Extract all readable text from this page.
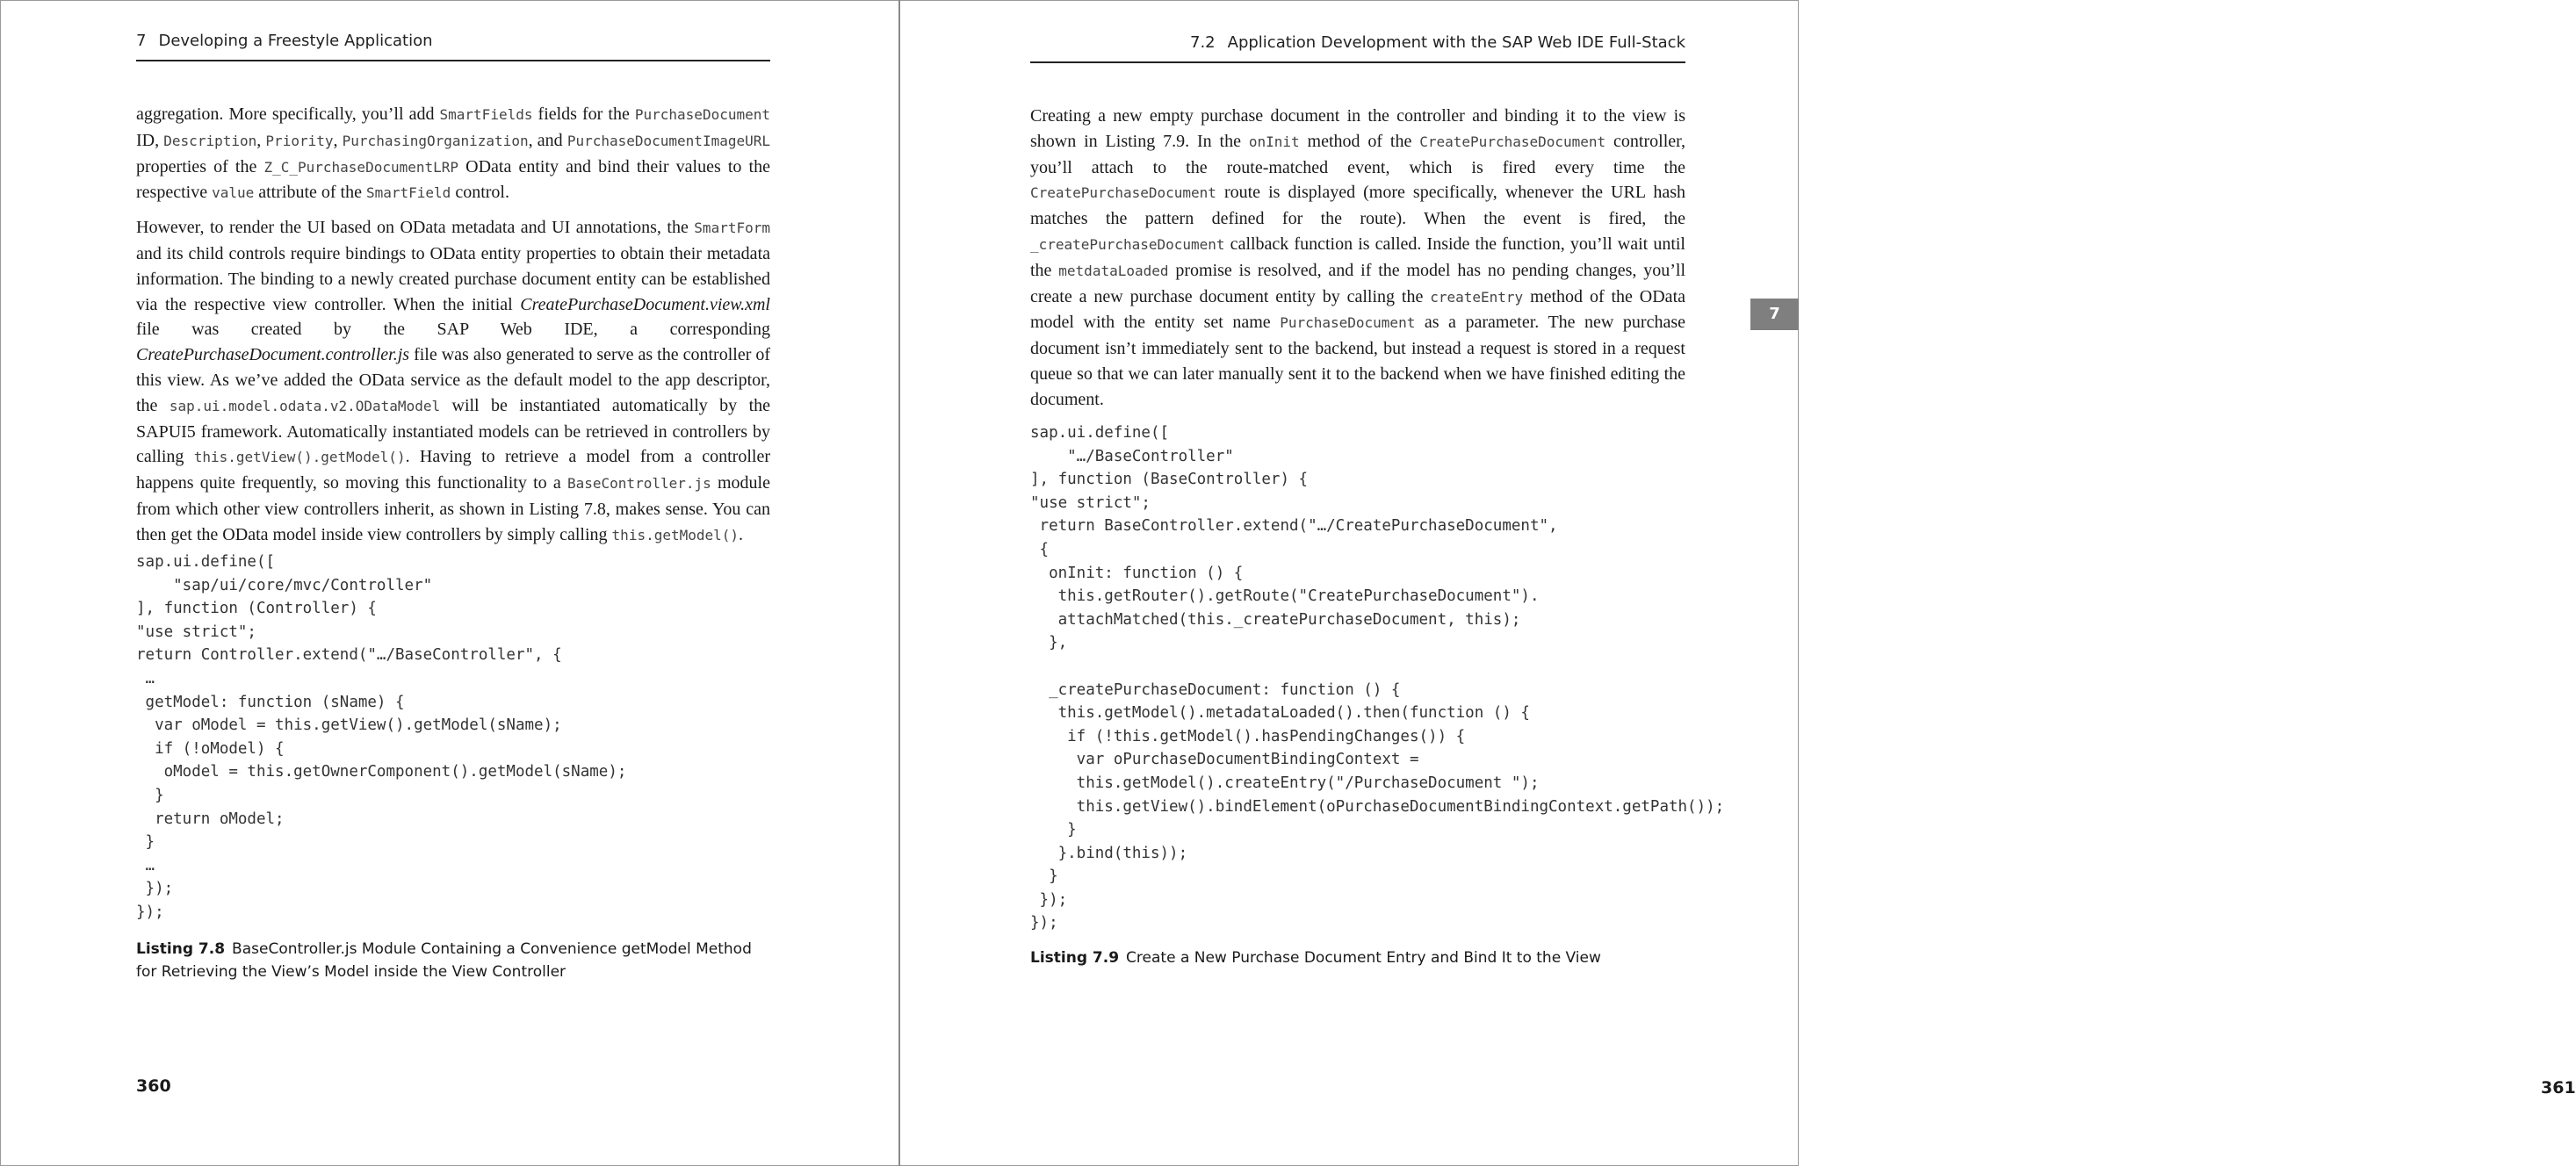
7 Developing a Freestyle Application

aggregation. More specifically, you’ll add SmartFields fields for the PurchaseDocument ID, Description, Priority, PurchasingOrganization, and PurchaseDocumentImageURL properties of the Z_C_PurchaseDocumentLRP OData entity and bind their values to the respective value attribute of the SmartField control.

However, to render the UI based on OData metadata and UI annotations, the SmartForm and its child controls require bindings to OData entity properties to obtain their metadata information. The binding to a newly created purchase document entity can be established via the respective view controller. When the initial CreatePurchaseDocument.view.xml file was created by the SAP Web IDE, a corresponding CreatePurchaseDocument.controller.js file was also generated to serve as the controller of this view. As we’ve added the OData service as the default model to the app descriptor, the sap.ui.model.odata.v2.ODataModel will be instantiated automatically by the SAPUI5 framework. Automatically instantiated models can be retrieved in controllers by calling this.getView().getModel(). Having to retrieve a model from a controller happens quite frequently, so moving this functionality to a BaseController.js module from which other view controllers inherit, as shown in Listing 7.8, makes sense. You can then get the OData model inside view controllers by simply calling this.getModel().

sap.ui.define([
"sap/ui/core/mvc/Controller"
], function (Controller) {
"use strict";
return Controller.extend("…/BaseController", {
…
getModel: function (sName) {
var oModel = this.getView().getModel(sName);
if (!oModel) {
oModel = this.getOwnerComponent().getModel(sName);
}
return oModel;
}
…
});
});
Listing 7.8 BaseController.js Module Containing a Convenience getModel Method for Retrieving the View’s Model inside the View Controller
360
7.2 Application Development with the SAP Web IDE Full-Stack

Creating a new empty purchase document in the controller and binding it to the view is shown in Listing 7.9. In the onInit method of the CreatePurchaseDocument controller, you’ll attach to the route-matched event, which is fired every time the CreatePurchaseDocument route is displayed (more specifically, whenever the URL hash matches the pattern defined for the route). When the event is fired, the _createPurchaseDocument callback function is called. Inside the function, you’ll wait until the metdataLoaded promise is resolved, and if the model has no pending changes, you’ll create a new purchase document entity by calling the createEntry method of the OData model with the entity set name PurchaseDocument as a parameter. The new purchase document isn’t immediately sent to the backend, but instead a request is stored in a request queue so that we can later manually sent it to the backend when we have finished editing the document.

361
sap.ui.define([
"…/BaseController"
], function (BaseController) {
"use strict";
return BaseController.extend("…/CreatePurchaseDocument",
{
onInit: function () {
this.getRouter().getRoute("CreatePurchaseDocument").
attachMatched(this._createPurchaseDocument, this);
},

_createPurchaseDocument: function () {
this.getModel().metadataLoaded().then(function () {
if (!this.getModel().hasPendingChanges()) {
var oPurchaseDocumentBindingContext =
this.getModel().createEntry("/PurchaseDocument ");
this.getView().bindElement(oPurchaseDocumentBindingContext.getPath());
}
}.bind(this));
}
});
});
Listing 7.9 Create a New Purchase Document Entry and Bind It to the View
7
